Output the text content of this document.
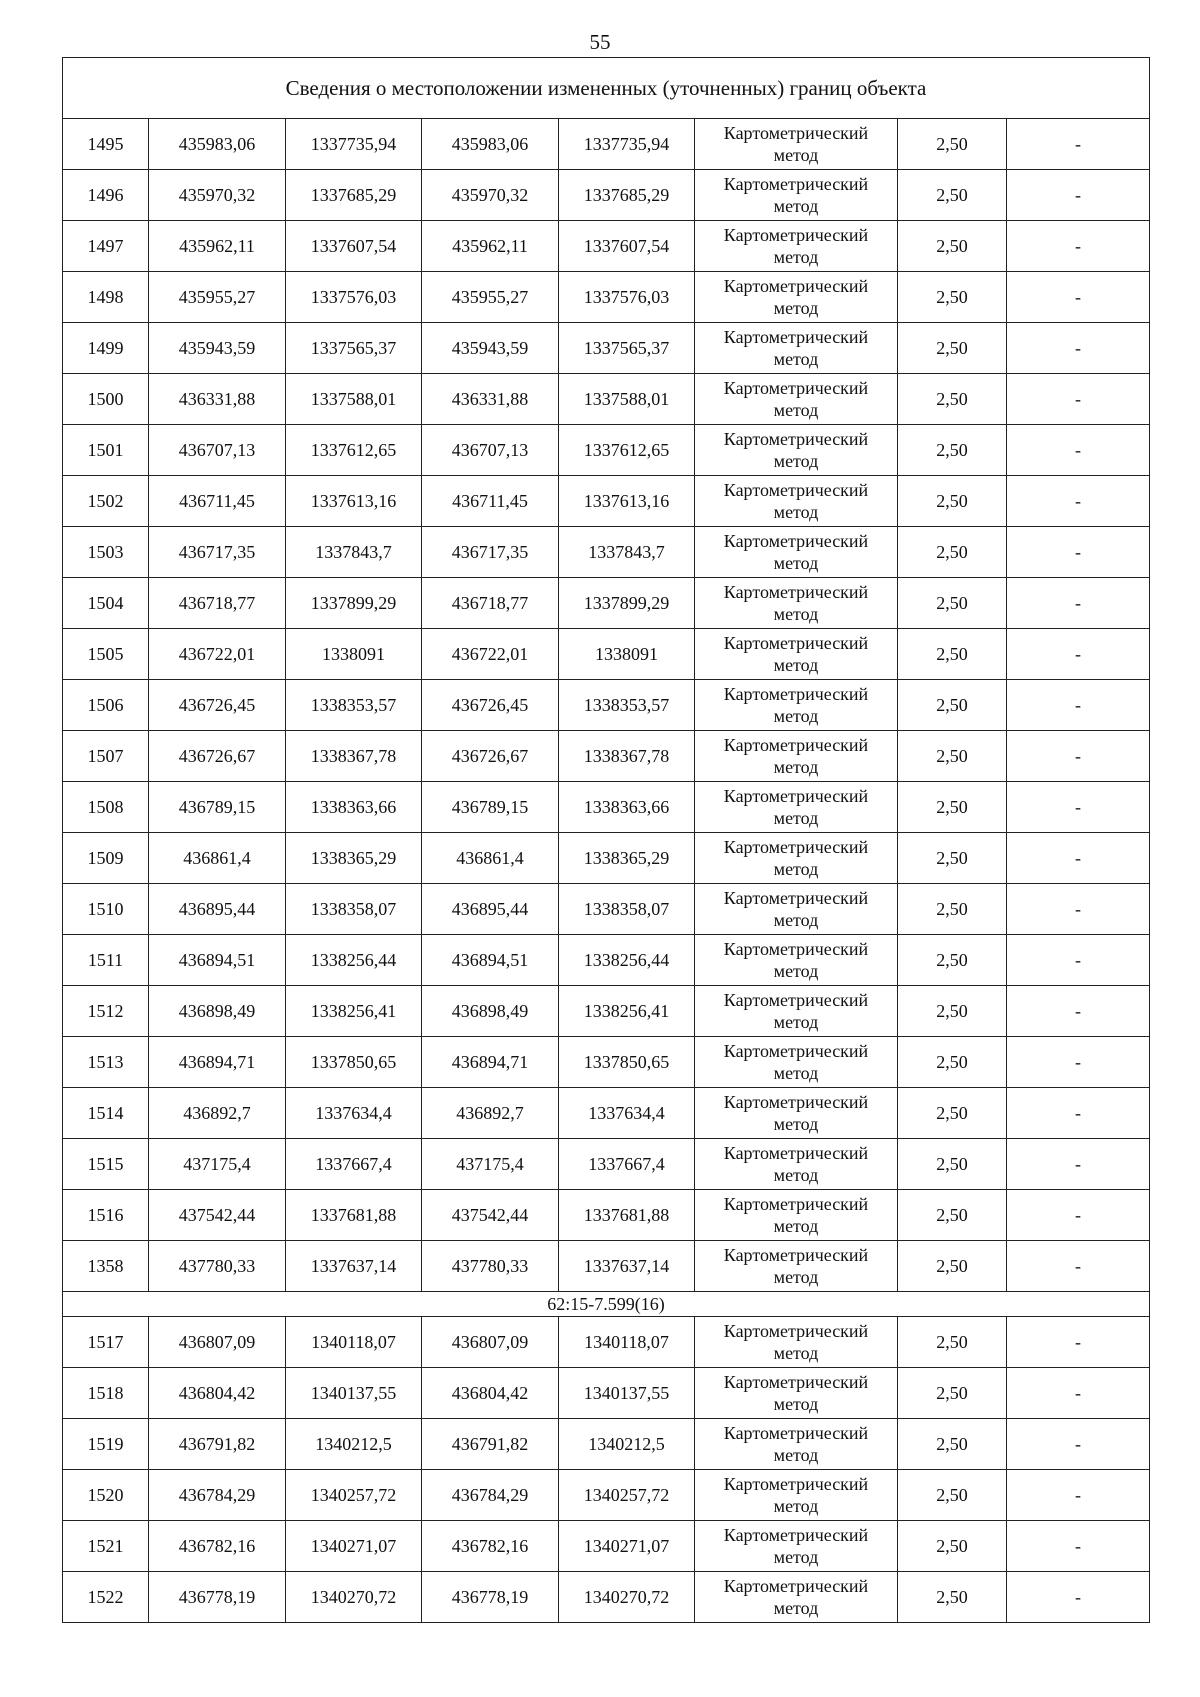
55
Сведения о местоположении измененных (уточненных) границ объекта							
1495	435983,06	1337735,94	435983,06	1337735,94	Картометрический
метод	2,50	-
1496	435970,32	1337685,29	435970,32	1337685,29	Картометрический
метод	2,50	-
1497	435962,11	1337607,54	435962,11	1337607,54	Картометрический
метод	2,50	-
1498	435955,27	1337576,03	435955,27	1337576,03	Картометрический
метод	2,50	-
1499	435943,59	1337565,37	435943,59	1337565,37	Картометрический
метод	2,50	-
1500	436331,88	1337588,01	436331,88	1337588,01	Картометрический
метод	2,50	-
1501	436707,13	1337612,65	436707,13	1337612,65	Картометрический
метод	2,50	-
1502	436711,45	1337613,16	436711,45	1337613,16	Картометрический
метод	2,50	-
1503	436717,35	1337843,7	436717,35	1337843,7	Картометрический
метод	2,50	-
1504	436718,77	1337899,29	436718,77	1337899,29	Картометрический
метод	2,50	-
1505	436722,01	1338091	436722,01	1338091	Картометрический
метод	2,50	-
1506	436726,45	1338353,57	436726,45	1338353,57	Картометрический
метод	2,50	-
1507	436726,67	1338367,78	436726,67	1338367,78	Картометрический
метод	2,50	-
1508	436789,15	1338363,66	436789,15	1338363,66	Картометрический
метод	2,50	-
1509	436861,4	1338365,29	436861,4	1338365,29	Картометрический
метод	2,50	-
1510	436895,44	1338358,07	436895,44	1338358,07	Картометрический
метод	2,50	-
1511	436894,51	1338256,44	436894,51	1338256,44	Картометрический
метод	2,50	-
1512	436898,49	1338256,41	436898,49	1338256,41	Картометрический
метод	2,50	-
1513	436894,71	1337850,65	436894,71	1337850,65	Картометрический
метод	2,50	-
1514	436892,7	1337634,4	436892,7	1337634,4	Картометрический
метод	2,50	-
1515	437175,4	1337667,4	437175,4	1337667,4	Картометрический
метод	2,50	-
1516	437542,44	1337681,88	437542,44	1337681,88	Картометрический
метод	2,50	-
1358	437780,33	1337637,14	437780,33	1337637,14	Картометрический
метод	2,50	-
62:15-7.599(16)							
1517	436807,09	1340118,07	436807,09	1340118,07	Картометрический
метод	2,50	-
1518	436804,42	1340137,55	436804,42	1340137,55	Картометрический
метод	2,50	-
1519	436791,82	1340212,5	436791,82	1340212,5	Картометрический
метод	2,50	-
1520	436784,29	1340257,72	436784,29	1340257,72	Картометрический
метод	2,50	-
1521	436782,16	1340271,07	436782,16	1340271,07	Картометрический
метод	2,50	-
1522	436778,19	1340270,72	436778,19	1340270,72	Картометрический
метод	2,50	-
